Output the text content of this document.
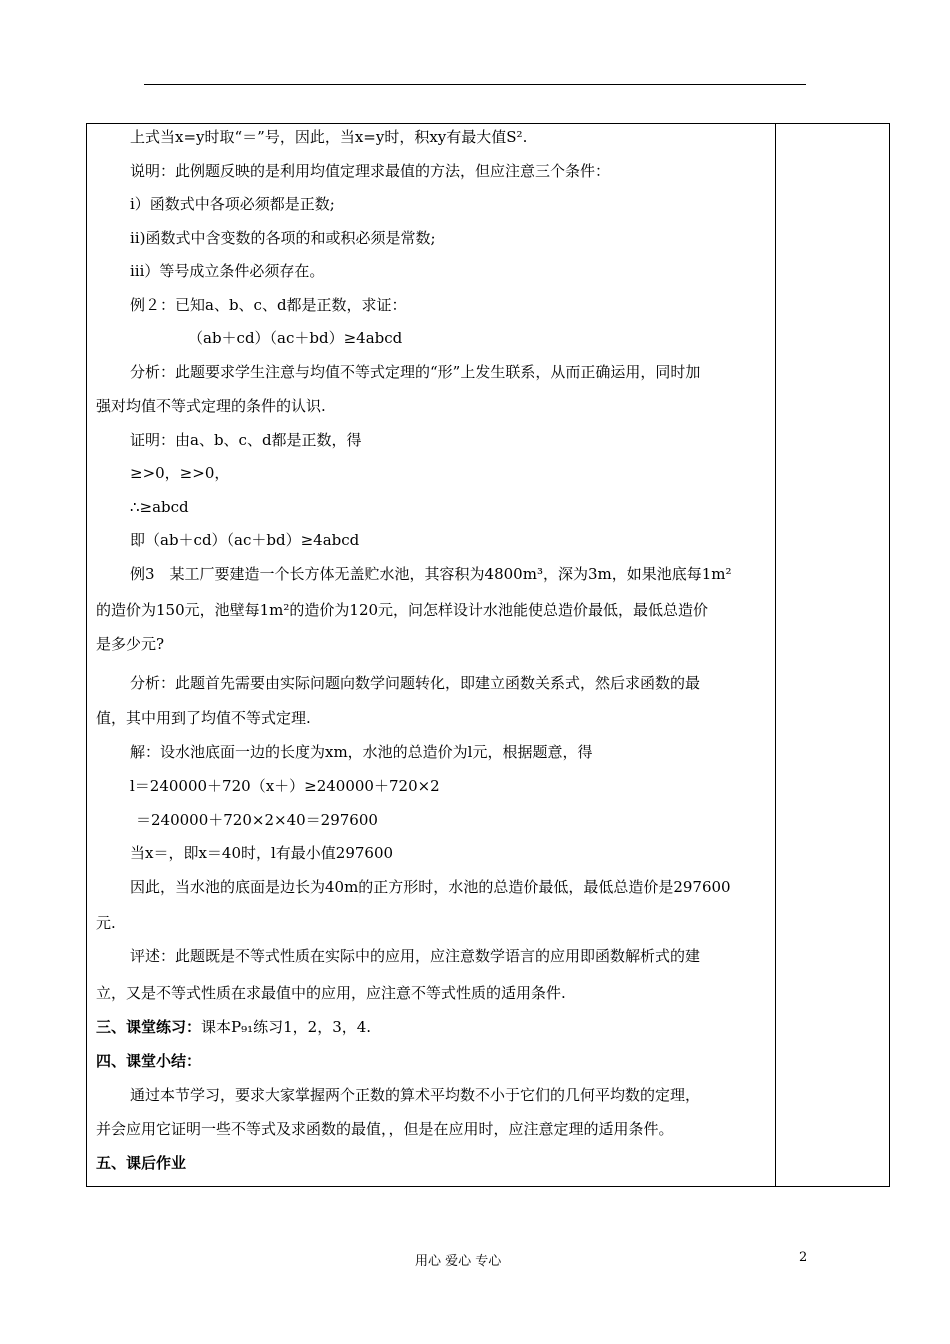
上式当x=y时取“＝”号，因此，当x=y时，积xy有最大值S².
说明：此例题反映的是利用均值定理求最值的方法，但应注意三个条件：
ⅰ）函数式中各项必须都是正数;
ⅱ)函数式中含变数的各项的和或积必须是常数;
ⅲ）等号成立条件必须存在。
例２：已知a、b、c、d都是正数，求证：
（ab＋cd）（ac＋bd）≥4abcd
分析：此题要求学生注意与均值不等式定理的“形”上发生联系，从而正确运用，同时加
强对均值不等式定理的条件的认识.
证明：由a、b、c、d都是正数，得
≥>0，≥>0，
∴≥abcd
即（ab＋cd）（ac＋bd）≥4abcd
例3　某工厂要建造一个长方体无盖贮水池，其容积为4800m³，深为3m，如果池底每1m²
的造价为150元，池壁每1m²的造价为120元，问怎样设计水池能使总造价最低，最低总造价
是多少元?
分析：此题首先需要由实际问题向数学问题转化，即建立函数关系式，然后求函数的最
值，其中用到了均值不等式定理.
解：设水池底面一边的长度为xm，水池的总造价为l元，根据题意，得
l＝240000＋720（x＋）≥240000＋720×2
＝240000＋720×2×40＝297600
当x＝，即x＝40时，l有最小值297600
因此，当水池的底面是边长为40m的正方形时，水池的总造价最低，最低总造价是297600
元.
评述：此题既是不等式性质在实际中的应用，应注意数学语言的应用即函数解析式的建
立，又是不等式性质在求最值中的应用，应注意不等式性质的适用条件.
三、课堂练习：课本P₉₁练习1，2，3，4.
四、课堂小结：
通过本节学习，要求大家掌握两个正数的算术平均数不小于它们的几何平均数的定理，
并会应用它证明一些不等式及求函数的最值，，但是在应用时，应注意定理的适用条件。
五、课后作业
用心 爱心 专心	2
